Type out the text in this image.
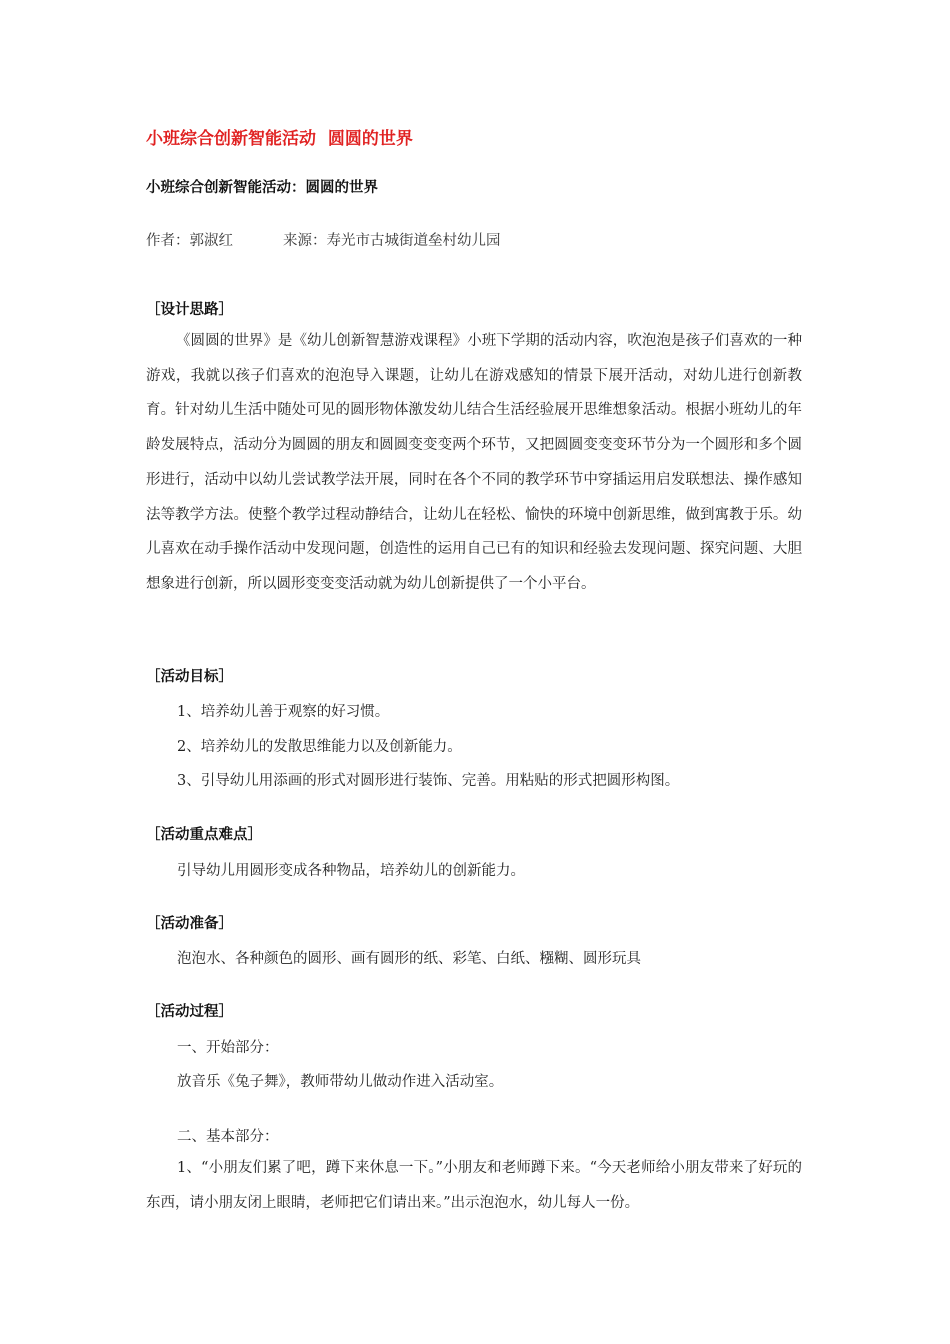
小班综合创新智能活动  圆圆的世界
小班综合创新智能活动：圆圆的世界
作者：郭淑红	来源：寿光市古城街道垒村幼儿园
［设计思路］
《圆圆的世界》是《幼儿创新智慧游戏课程》小班下学期的活动内容，吹泡泡是孩子们喜欢的一种游戏，我就以孩子们喜欢的泡泡导入课题，让幼儿在游戏感知的情景下展开活动，对幼儿进行创新教育。针对幼儿生活中随处可见的圆形物体激发幼儿结合生活经验展开思维想象活动。根据小班幼儿的年龄发展特点，活动分为圆圆的朋友和圆圆变变变两个环节，又把圆圆变变变环节分为一个圆形和多个圆形进行，活动中以幼儿尝试教学法开展，同时在各个不同的教学环节中穿插运用启发联想法、操作感知法等教学方法。使整个教学过程动静结合，让幼儿在轻松、愉快的环境中创新思维，做到寓教于乐。幼儿喜欢在动手操作活动中发现问题，创造性的运用自己已有的知识和经验去发现问题、探究问题、大胆想象进行创新，所以圆形变变变活动就为幼儿创新提供了一个小平台。
［活动目标］
1、培养幼儿善于观察的好习惯。
2、培养幼儿的发散思维能力以及创新能力。
3、引导幼儿用添画的形式对圆形进行装饰、完善。用粘贴的形式把圆形构图。
［活动重点难点］
引导幼儿用圆形变成各种物品，培养幼儿的创新能力。
［活动准备］
泡泡水、各种颜色的圆形、画有圆形的纸、彩笔、白纸、糨糊、圆形玩具
［活动过程］
一、开始部分：
放音乐《兔子舞》，教师带幼儿做动作进入活动室。
二、基本部分：
1、“小朋友们累了吧，蹲下来休息一下。”小朋友和老师蹲下来。“今天老师给小朋友带来了好玩的东西，请小朋友闭上眼睛，老师把它们请出来。”出示泡泡水，幼儿每人一份。
